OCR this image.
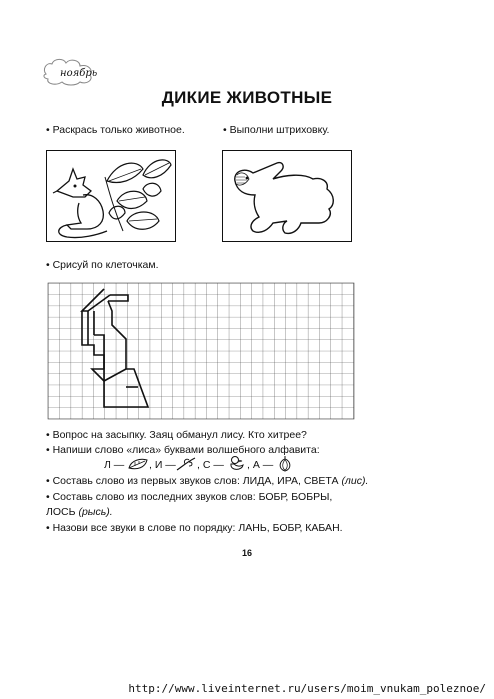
ноябрь
ДИКИЕ ЖИВОТНЫЕ
• Раскрась только животное.	• Выполни штриховку.
• Срисуй по клеточкам.
• Вопрос на засыпку. Заяц обманул лису. Кто хитрее?
• Напиши слово «лиса» буквами волшебного алфавита:
Л — , И — , С — , А —
• Составь слово из первых звуков слов: ЛИДА, ИРА, СВЕТА (лис).
• Составь слово из последних звуков слов: БОБР, БОБРЫ,
ЛОСЬ (рысь).
• Назови все звуки в слове по порядку: ЛАНЬ, БОБР, КАБАН.
16
http://www.liveinternet.ru/users/moim_vnukam_poleznoe/
